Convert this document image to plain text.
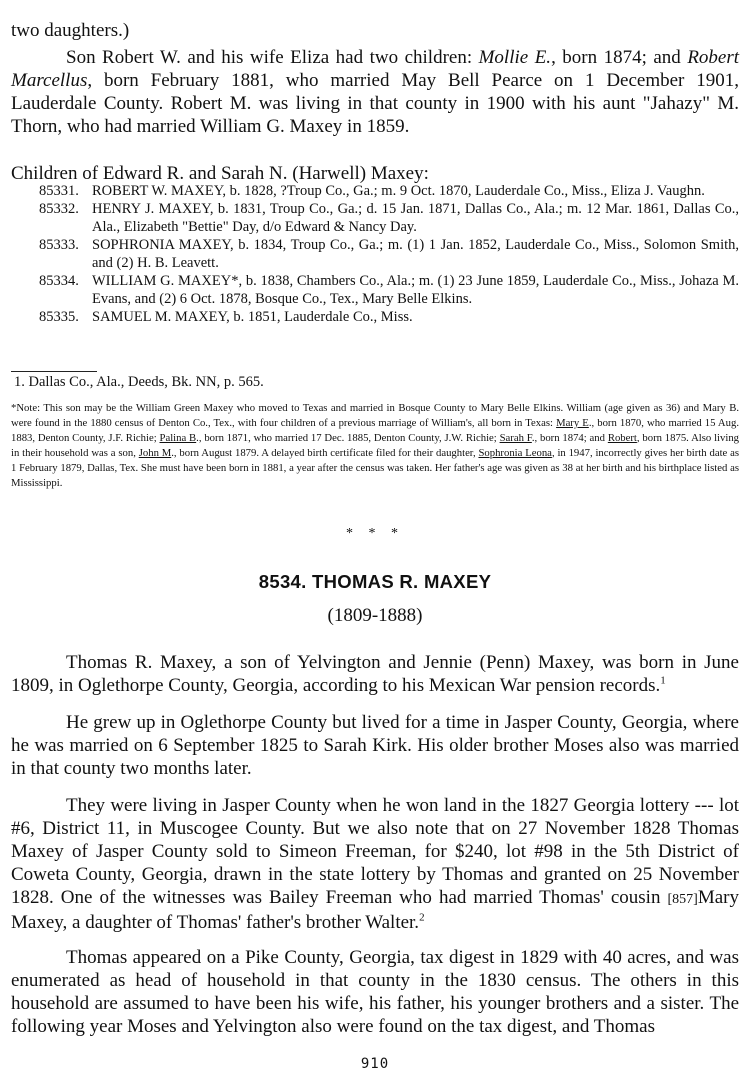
two daughters.)

Son Robert W. and his wife Eliza had two children: Mollie E., born 1874; and Robert Marcellus, born February 1881, who married May Bell Pearce on 1 December 1901, Lauderdale County. Robert M. was living in that county in 1900 with his aunt "Jahazy" M. Thorn, who had married William G. Maxey in 1859.

Children of Edward R. and Sarah N. (Harwell) Maxey:
85331. ROBERT W. MAXEY, b. 1828, ?Troup Co., Ga.; m. 9 Oct. 1870, Lauderdale Co., Miss., Eliza J. Vaughn.
85332. HENRY J. MAXEY, b. 1831, Troup Co., Ga.; d. 15 Jan. 1871, Dallas Co., Ala.; m. 12 Mar. 1861, Dallas Co., Ala., Elizabeth "Bettie" Day, d/o Edward & Nancy Day.
85333. SOPHRONIA MAXEY, b. 1834, Troup Co., Ga.; m. (1) 1 Jan. 1852, Lauderdale Co., Miss., Solomon Smith, and (2) H. B. Leavett.
85334. WILLIAM G. MAXEY*, b. 1838, Chambers Co., Ala.; m. (1) 23 June 1859, Lauderdale Co., Miss., Johaza M. Evans, and (2) 6 Oct. 1878, Bosque Co., Tex., Mary Belle Elkins.
85335. SAMUEL M. MAXEY, b. 1851, Lauderdale Co., Miss.
1. Dallas Co., Ala., Deeds, Bk. NN, p. 565.
*Note: This son may be the William Green Maxey who moved to Texas and married in Bosque County to Mary Belle Elkins. William (age given as 36) and Mary B. were found in the 1880 census of Denton Co., Tex., with four children of a previous marriage of William's, all born in Texas: Mary E., born 1870, who married 15 Aug. 1883, Denton County, J.F. Richie; Palina B., born 1871, who married 17 Dec. 1885, Denton County, J.W. Richie; Sarah F., born 1874; and Robert, born 1875. Also living in their household was a son, John M., born August 1879. A delayed birth certificate filed for their daughter, Sophronia Leona, in 1947, incorrectly gives her birth date as 1 February 1879, Dallas, Tex. She must have been born in 1881, a year after the census was taken. Her father's age was given as 38 at her birth and his birthplace listed as Mississippi.
* * *
8534. THOMAS R. MAXEY
(1809-1888)

Thomas R. Maxey, a son of Yelvington and Jennie (Penn) Maxey, was born in June 1809, in Oglethorpe County, Georgia, according to his Mexican War pension records.$^1$

He grew up in Oglethorpe County but lived for a time in Jasper County, Georgia, where he was married on 6 September 1825 to Sarah Kirk. His older brother Moses also was married in that county two months later.

They were living in Jasper County when he won land in the 1827 Georgia lottery --- lot #6, District 11, in Muscogee County. But we also note that on 27 November 1828 Thomas Maxey of Jasper County sold to Simeon Freeman, for $240, lot #98 in the 5th District of Coweta County, Georgia, drawn in the state lottery by Thomas and granted on 25 November 1828. One of the witnesses was Bailey Freeman who had married Thomas' cousin [857]Mary Maxey, a daughter of Thomas' father's brother Walter.$^2$

Thomas appeared on a Pike County, Georgia, tax digest in 1829 with 40 acres, and was enumerated as head of household in that county in the 1830 census. The others in this household are assumed to have been his wife, his father, his younger brothers and a sister. The following year Moses and Yelvington also were found on the tax digest, and Thomas

910
